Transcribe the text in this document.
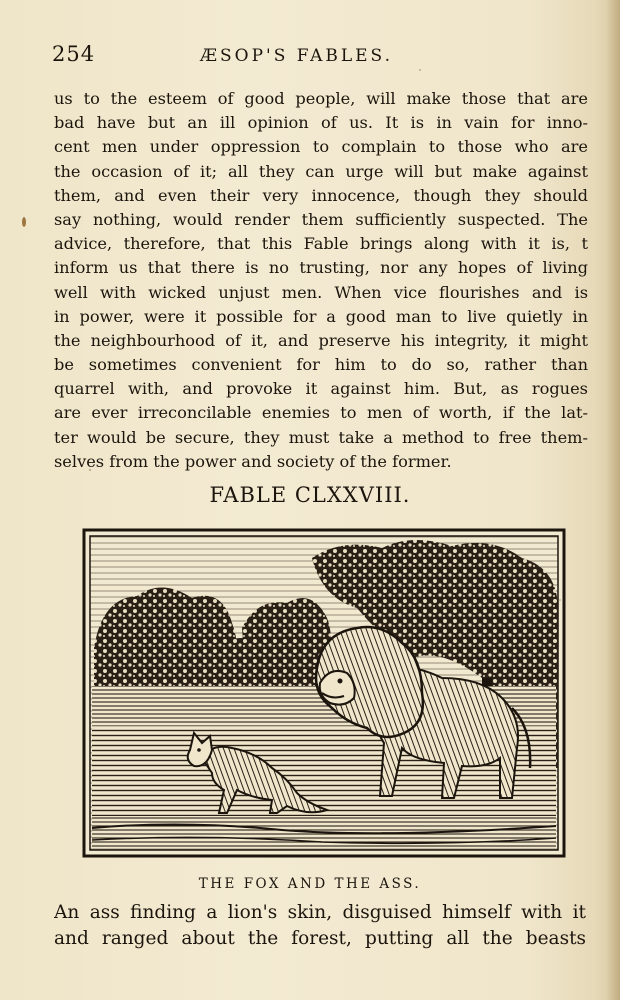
254	ÆSOP'S FABLES.
us to the esteem of good people, will make those that are
bad have but an ill opinion of us. It is in vain for inno-
cent men under oppression to complain to those who are
the occasion of it; all they can urge will but make against
them, and even their very innocence, though they should
say nothing, would render them sufficiently suspected. The
advice, therefore, that this Fable brings along with it is, t
inform us that there is no trusting, nor any hopes of living
well with wicked unjust men. When vice flourishes and is
in power, were it possible for a good man to live quietly in
the neighbourhood of it, and preserve his integrity, it might
be sometimes convenient for him to do so, rather than
quarrel with, and provoke it against him. But, as rogues
are ever irreconcilable enemies to men of worth, if the lat-
ter would be secure, they must take a method to free them-
selves from the power and society of the former.
FABLE CLXXVIII.
THE FOX AND THE ASS.
An ass finding a lion's skin, disguised himself with it
and ranged about the forest, putting all the beasts
